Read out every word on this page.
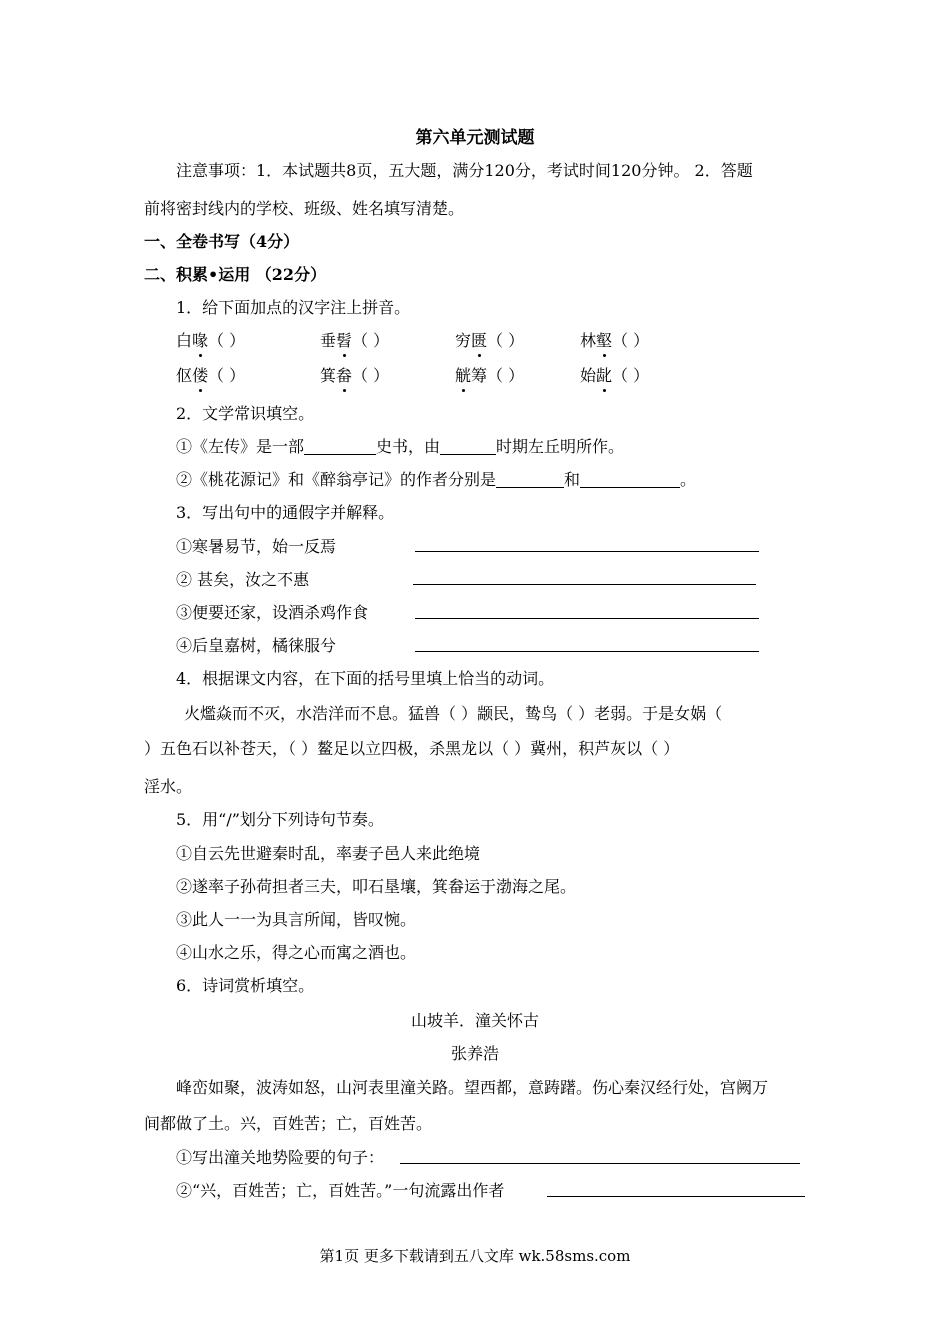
第六单元测试题
注意事项：1．本试题共8页，五大题，满分120分，考试时间120分钟。 2．答题
前将密封线内的学校、班级、姓名填写清楚。
一、全卷书写（4分）
二、积累•运用 （22分）
1．给下面加点的汉字注上拼音。
白喙（ ）	垂髫（ ）	穷匮（ ）	林壑（ ）
伛偻（ ）	箕畚（ ）	觥筹（ ）	始龀（ ）
2．文学常识填空。
①《左传》是一部	史书，由	时期左丘明所作。
②《桃花源记》和《醉翁亭记》的作者分别是	和	。
3．写出句中的通假字并解释。
①寒暑易节，始一反焉
② 甚矣，汝之不惠
③便要还家，设酒杀鸡作食
④后皇嘉树，橘徕服兮
4．根据课文内容，在下面的括号里填上恰当的动词。
火爁焱而不灭，水浩洋而不息。猛兽（ ）颛民，鸷鸟（ ）老弱。于是女娲（
）五色石以补苍天，（ ）鳌足以立四极，杀黑龙以（ ）冀州，积芦灰以（ ）
淫水。
5．用“/”划分下列诗句节奏。
①自云先世避秦时乱，率妻子邑人来此绝境
②遂率子孙荷担者三夫，叩石垦壤，箕畚运于渤海之尾。
③此人一一为具言所闻，皆叹惋。
④山水之乐，得之心而寓之酒也。
6．诗词赏析填空。
山坡羊．潼关怀古
张养浩
峰峦如聚，波涛如怒，山河表里潼关路。望西都，意踌躇。伤心秦汉经行处，宫阙万
间都做了土。兴，百姓苦；亡，百姓苦。
①写出潼关地势险要的句子：
②“兴，百姓苦；亡，百姓苦。”一句流露出作者
第1页 更多下载请到五八文库 wk.58sms.com
